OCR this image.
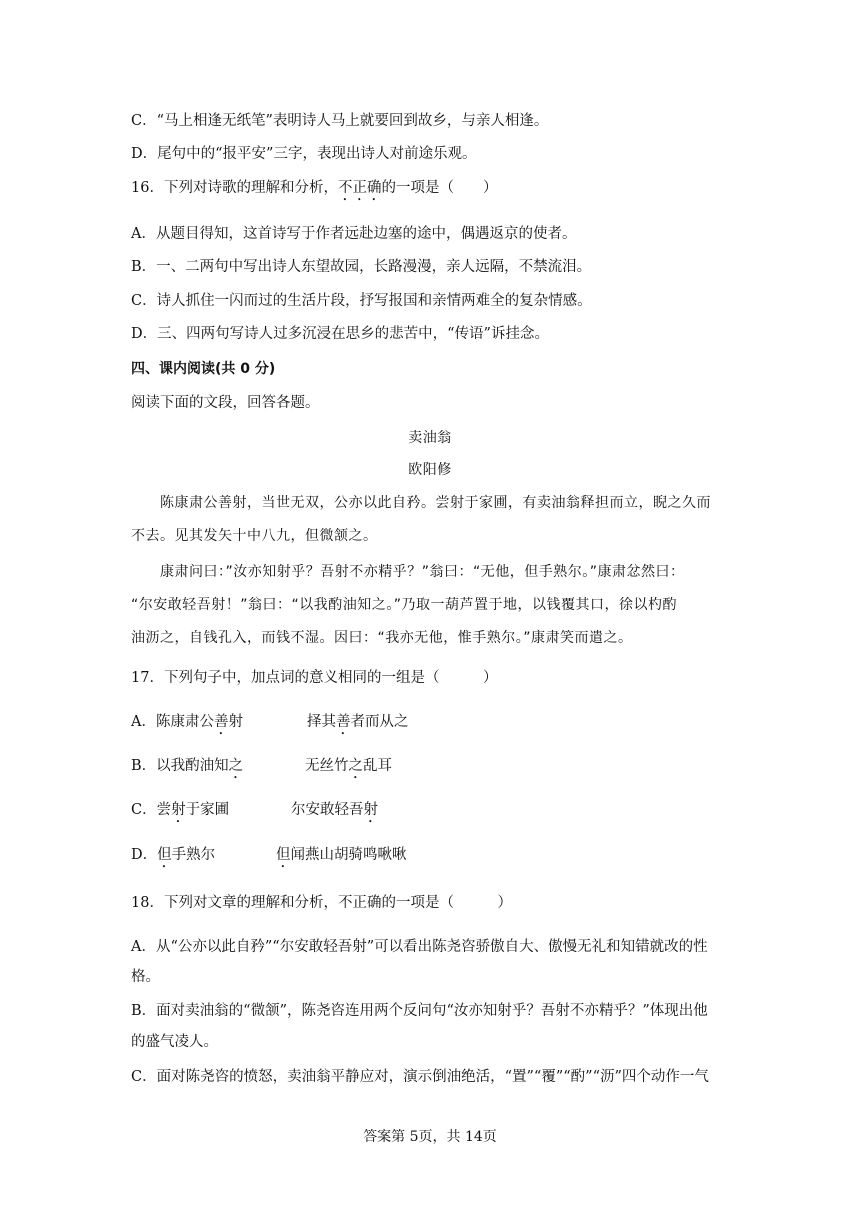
C．“马上相逢无纸笔”表明诗人马上就要回到故乡，与亲人相逢。
D．尾句中的“报平安”三字，表现出诗人对前途乐观。
16．下列对诗歌的理解和分析，不正确的一项是（　　）
A．从题目得知，这首诗写于作者远赴边塞的途中，偶遇返京的使者。
B．一、二两句中写出诗人东望故园，长路漫漫，亲人远隔，不禁流泪。
C．诗人抓住一闪而过的生活片段，抒写报国和亲情两难全的复杂情感。
D．三、四两句写诗人过多沉浸在思乡的悲苦中，“传语”诉挂念。
四、课内阅读(共 0 分)
阅读下面的文段，回答各题。
卖油翁
欧阳修
陈康肃公善射，当世无双，公亦以此自矜。尝射于家圃，有卖油翁释担而立，睨之久而
不去。见其发矢十中八九，但微颔之。
康肃问曰：”汝亦知射乎？吾射不亦精乎？”翁曰：“无他，但手熟尔。”康肃忿然曰：
“尔安敢轻吾射！”翁曰：“以我酌油知之。”乃取一葫芦置于地，以钱覆其口，徐以杓酌
油沥之，自钱孔入，而钱不湿。因曰：“我亦无他，惟手熟尔。”康肃笑而遣之。
17．下列句子中，加点词的意义相同的一组是（　　　）
A．陈康肃公善射	择其善者而从之
B．以我酌油知之	无丝竹之乱耳
C．尝射于家圃	尔安敢轻吾射
D．但手熟尔	但闻燕山胡骑鸣啾啾
18．下列对文章的理解和分析，不正确的一项是（　　　）
A．从“公亦以此自矜”“尔安敢轻吾射”可以看出陈尧咨骄傲自大、傲慢无礼和知错就改的性
格。
B．面对卖油翁的“微颔”，陈尧咨连用两个反问句“汝亦知射乎？吾射不亦精乎？”体现出他
的盛气凌人。
C．面对陈尧咨的愤怒，卖油翁平静应对，演示倒油绝活，“置”“覆”“酌”“沥”四个动作一气
答案第 5页，共 14页
